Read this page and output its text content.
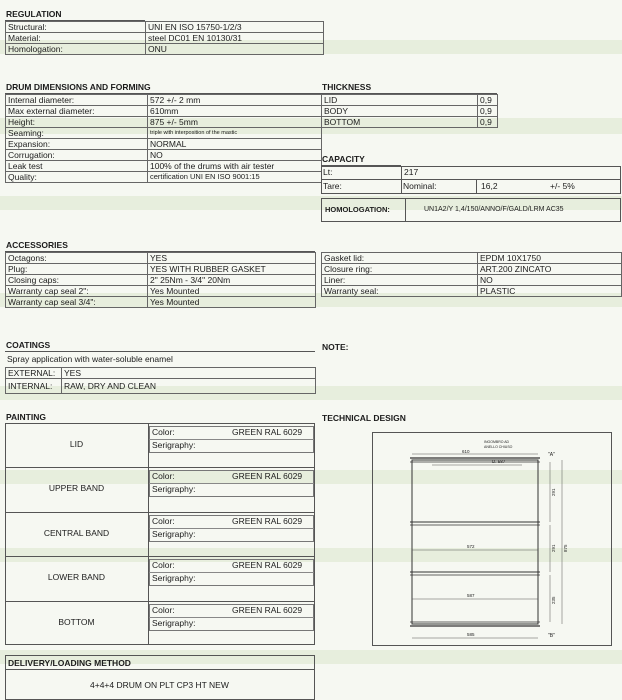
REGULATION
Structural:	UNI EN ISO 15750-1/2/3
Material:	steel DC01 EN 10130/31
Homologation:	ONU
DRUM DIMENSIONS AND FORMING
Internal diameter:	572 +/- 2 mm
Max external diameter:	610mm
Height:	875 +/- 5mm
Seaming:	triple with interposition of the mastic
Expansion:	NORMAL
Corrugation:	NO
Leak test	100% of the drums with air tester
Quality:	certification UNI EN ISO 9001:15
THICKNESS
LID	0,9
BODY	0,9
BOTTOM	0,9
CAPACITY
Lt:	217
Tare:	Nominal:	16,2	+/- 5%
HOMOLOGATION:	UN1A2/Y 1,4/150/ANNO/F/GALD/LRM AC35
ACCESSORIES
Octagons:	YES
Plug:	YES WITH RUBBER GASKET
Closing caps:	2" 25Nm - 3/4" 20Nm
Warranty cap seal 2":	Yes Mounted
Warranty cap seal 3/4":	Yes Mounted
Gasket lid:	EPDM 10X1750
Closure ring:	ART.200 ZINCATO
Liner:	NO
Warranty seal:	PLASTIC
COATINGS
Spray application with water-soluble enamel
EXTERNAL:	YES
INTERNAL:	RAW, DRY AND CLEAN
NOTE:
PAINTING	TECHNICAL DESIGN
610
INGOMBRO AD
ANELLO CHIUSO
D. 587
"A"
291
291 875
235
572
587
585	"B"
DELIVERY/LOADING METHOD
4+4+4 DRUM ON PLT CP3 HT NEW
LID
Color:	GREEN RAL 6029
Serigraphy:
UPPER BAND
Color:	GREEN RAL 6029
Serigraphy:
CENTRAL BAND
Color:	GREEN RAL 6029
Serigraphy:
LOWER BAND
Color:	GREEN RAL 6029
Serigraphy:
BOTTOM
Color:	GREEN RAL 6029
Serigraphy:
